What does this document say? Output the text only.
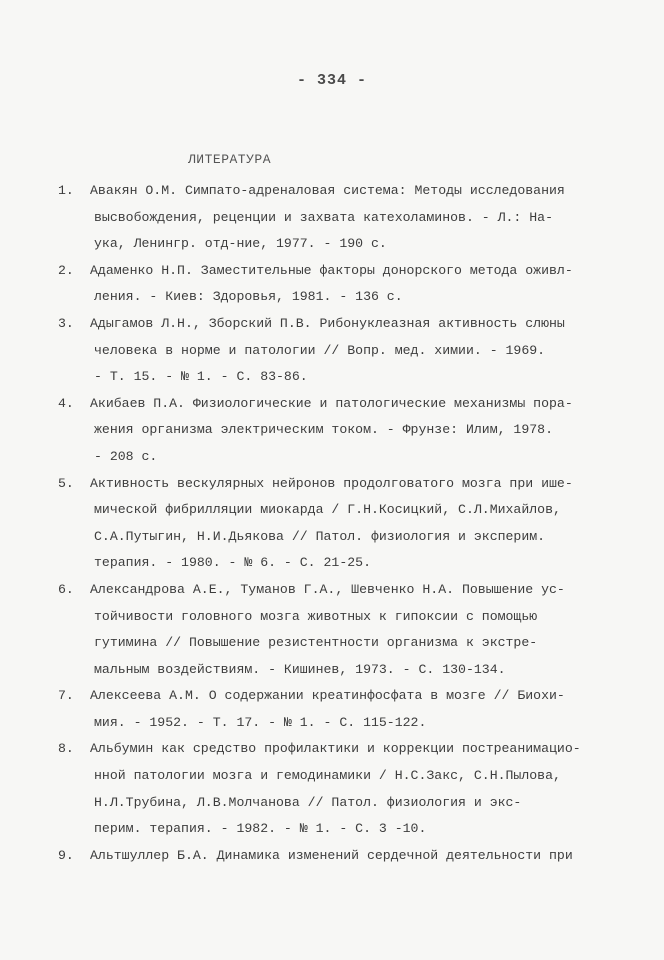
- 334 -
ЛИТЕРАТУРА
1. Авакян О.М. Симпато-адреналовая система: Методы исследования
высвобождения, реценции и захвата катехоламинов. - Л.: На-
ука, Ленингр. отд-ние, 1977. - 190 с.
2. Адаменко Н.П. Заместительные факторы донорского метода оживл-
ления. - Киев: Здоровья, 1981. - 136 с.
3. Адыгамов Л.Н., Зборский П.В. Рибонуклеазная активность слюны
человека в норме и патологии // Вопр. мед. химии. - 1969.
- Т. 15. - № 1. - С. 83-86.
4. Акибаев П.А. Физиологические и патологические механизмы пора-
жения организма электрическим током. - Фрунзе: Илим, 1978.
- 208 с.
5. Активность вескулярных нейронов продолговатого мозга при ише-
мической фибрилляции миокарда / Г.Н.Косицкий, С.Л.Михайлов,
С.А.Путыгин, Н.И.Дьякова // Патол. физиология и эксперим.
терапия. - 1980. - № 6. - С. 21-25.
6. Александрова А.Е., Туманов Г.А., Шевченко Н.А. Повышение ус-
тойчивости головного мозга животных к гипоксии с помощью
гутимина // Повышение резистентности организма к экстре-
мальным воздействиям. - Кишинев, 1973. - С. 130-134.
7. Алексеева А.М. О содержании креатинфосфата в мозге // Биохи-
мия. - 1952. - Т. 17. - № 1. - С. 115-122.
8. Альбумин как средство профилактики и коррекции постреанимацио-
нной патологии мозга и гемодинамики / Н.С.Закс, С.Н.Пылова,
Н.Л.Трубина, Л.В.Молчанова // Патол. физиология и экс-
перим. терапия. - 1982. - № 1. - С. 3 -10.
9. Альтшуллер Б.А. Динамика изменений сердечной деятельности при
